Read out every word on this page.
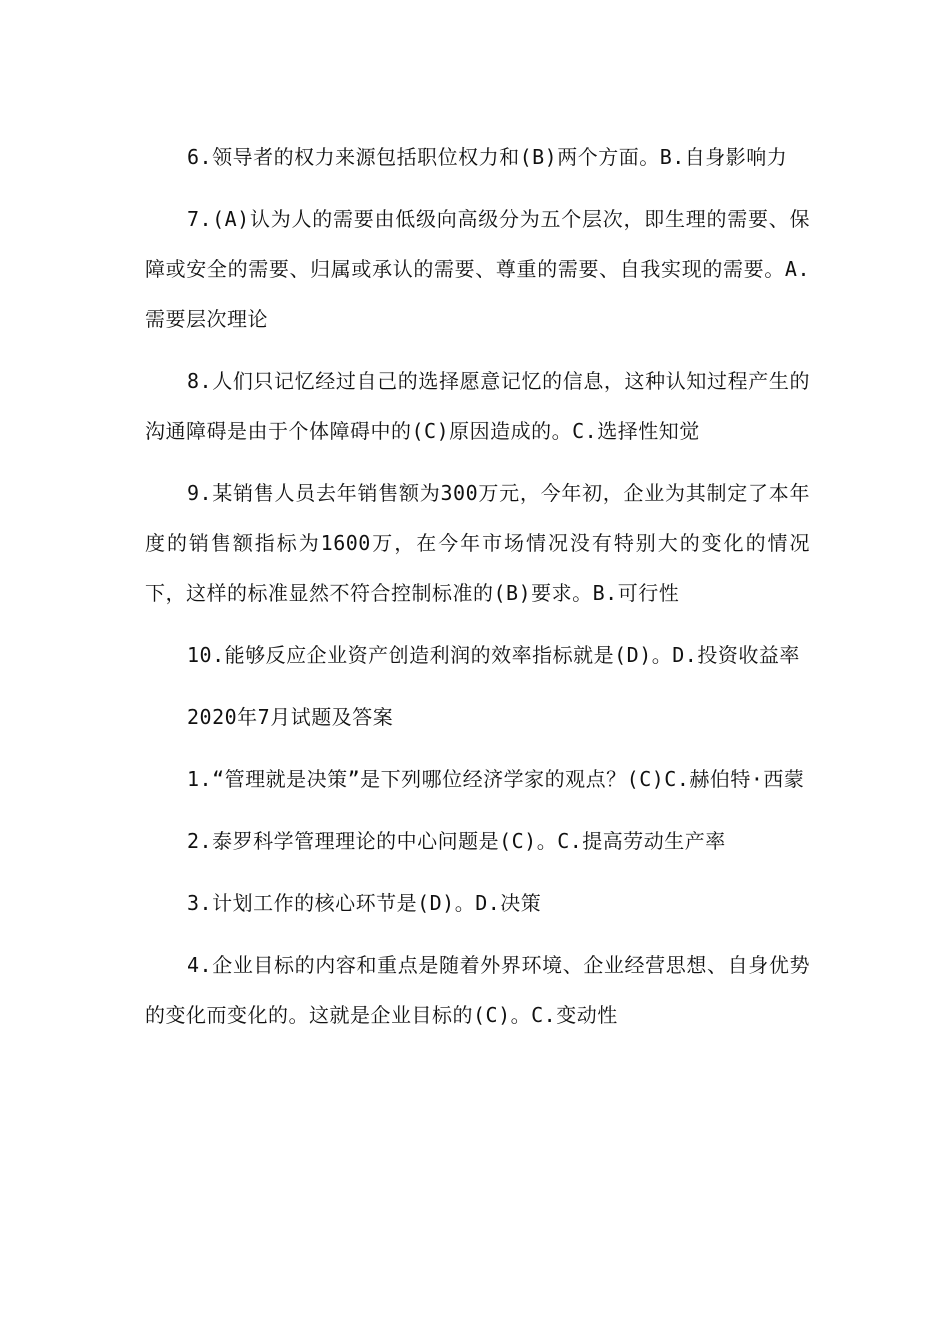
6.领导者的权力来源包括职位权力和(B)两个方面。B.自身影响力

7.(A)认为人的需要由低级向高级分为五个层次，即生理的需要、保障或安全的需要、归属或承认的需要、尊重的需要、自我实现的需要。A.需要层次理论

8.人们只记忆经过自己的选择愿意记忆的信息，这种认知过程产生的沟通障碍是由于个体障碍中的(C)原因造成的。C.选择性知觉

9.某销售人员去年销售额为300万元，今年初，企业为其制定了本年度的销售额指标为1600万，在今年市场情况没有特别大的变化的情况下，这样的标准显然不符合控制标准的(B)要求。B.可行性

10.能够反应企业资产创造利润的效率指标就是(D)。D.投资收益率

2020年7月试题及答案

1.“管理就是决策”是下列哪位经济学家的观点？(C)C.赫伯特·西蒙

2.泰罗科学管理理论的中心问题是(C)。C.提高劳动生产率

3.计划工作的核心环节是(D)。D.决策

4.企业目标的内容和重点是随着外界环境、企业经营思想、自身优势的变化而变化的。这就是企业目标的(C)。C.变动性
